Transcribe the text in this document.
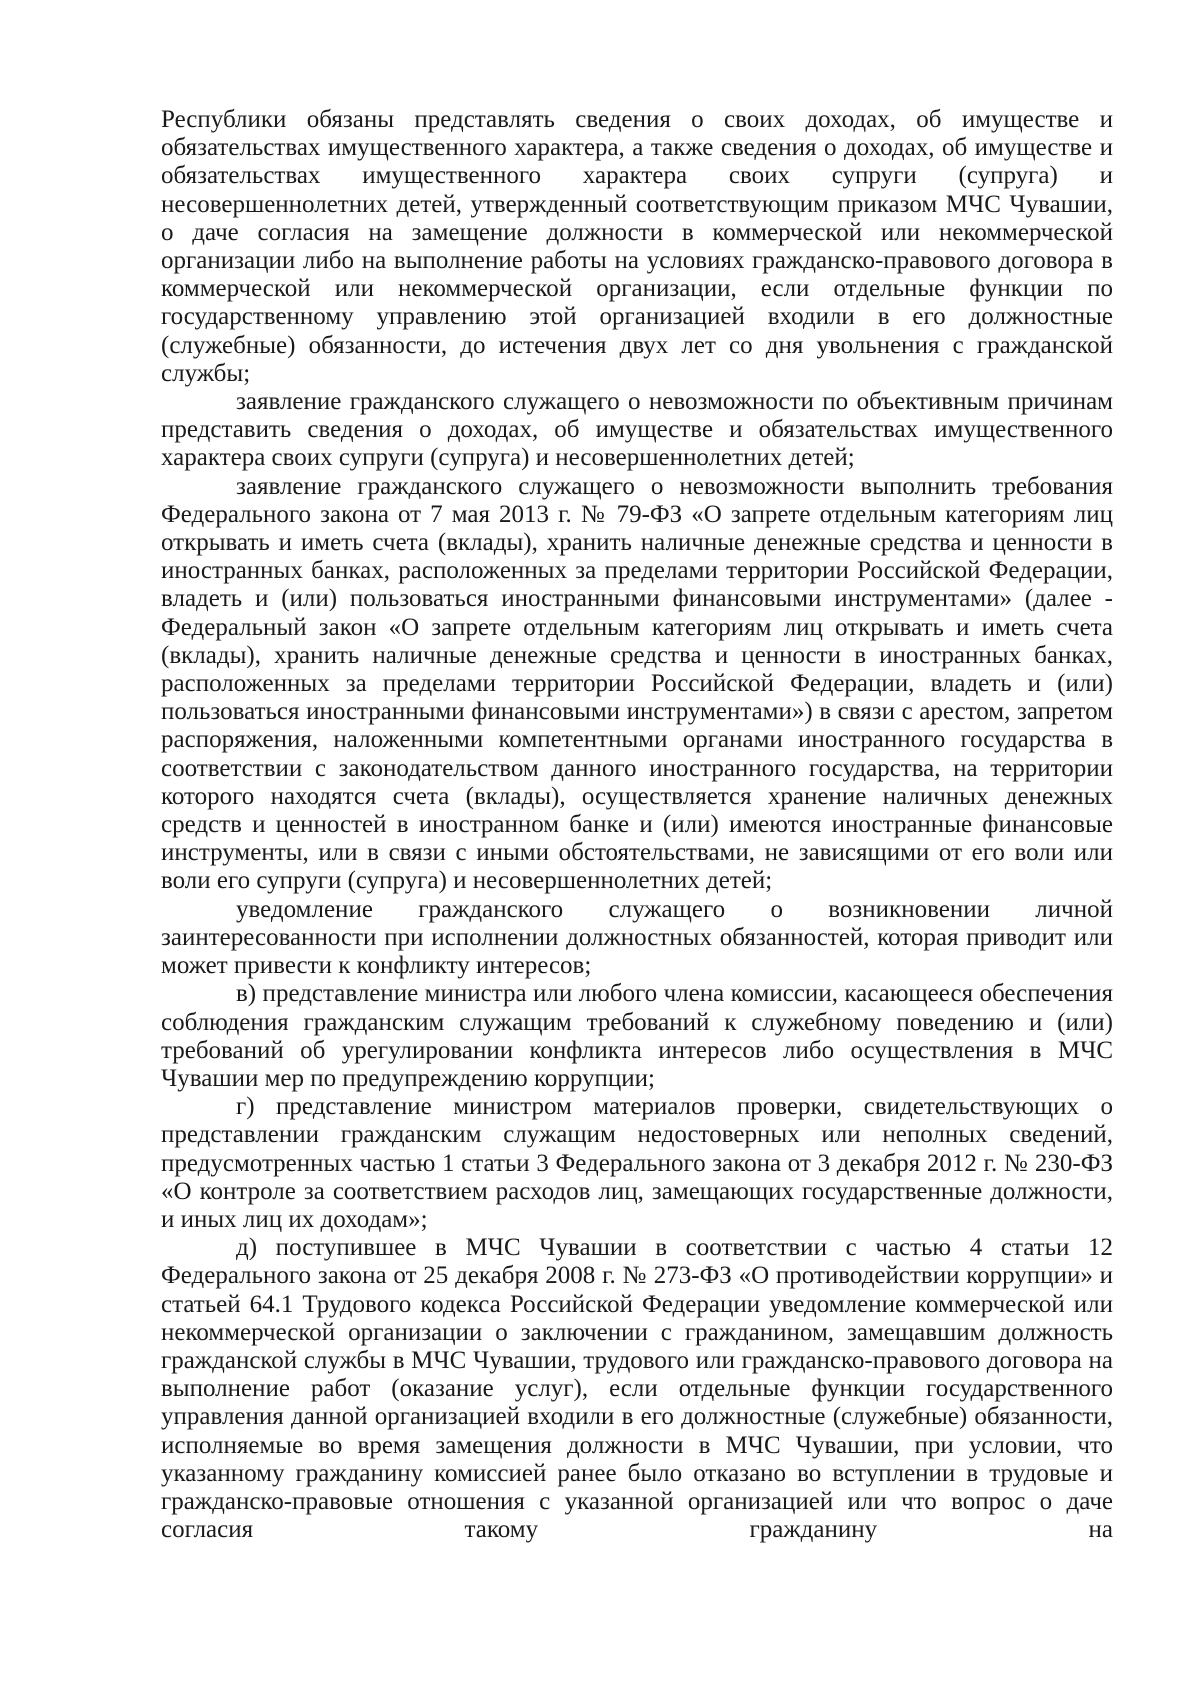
Республики обязаны представлять сведения о своих доходах, об имуществе и обязательствах имущественного характера, а также сведения о доходах, об имуществе и обязательствах имущественного характера своих супруги (супруга) и несовершеннолетних детей, утвержденный соответствующим приказом МЧС Чувашии, о даче согласия на замещение должности в коммерческой или некоммерческой организации либо на выполнение работы на условиях гражданско-правового договора в коммерческой или некоммерческой организации, если отдельные функции по государственному управлению этой организацией входили в его должностные (служебные) обязанности, до истечения двух лет со дня увольнения с гражданской службы;

заявление гражданского служащего о невозможности по объективным причинам представить сведения о доходах, об имуществе и обязательствах имущественного характера своих супруги (супруга) и несовершеннолетних детей;

заявление гражданского служащего о невозможности выполнить требования Федерального закона от 7 мая 2013 г. № 79-ФЗ «О запрете отдельным категориям лиц открывать и иметь счета (вклады), хранить наличные денежные средства и ценности в иностранных банках, расположенных за пределами территории Российской Федерации, владеть и (или) пользоваться иностранными финансовыми инструментами» (далее - Федеральный закон «О запрете отдельным категориям лиц открывать и иметь счета (вклады), хранить наличные денежные средства и ценности в иностранных банках, расположенных за пределами территории Российской Федерации, владеть и (или) пользоваться иностранными финансовыми инструментами») в связи с арестом, запретом распоряжения, наложенными компетентными органами иностранного государства в соответствии с законодательством данного иностранного государства, на территории которого находятся счета (вклады), осуществляется хранение наличных денежных средств и ценностей в иностранном банке и (или) имеются иностранные финансовые инструменты, или в связи с иными обстоятельствами, не зависящими от его воли или воли его супруги (супруга) и несовершеннолетних детей;

уведомление гражданского служащего о возникновении личной заинтересованности при исполнении должностных обязанностей, которая приводит или может привести к конфликту интересов;

в) представление министра или любого члена комиссии, касающееся обеспечения соблюдения гражданским служащим требований к служебному поведению и (или) требований об урегулировании конфликта интересов либо осуществления в МЧС Чувашии мер по предупреждению коррупции;

г) представление министром материалов проверки, свидетельствующих о представлении гражданским служащим недостоверных или неполных сведений, предусмотренных частью 1 статьи 3 Федерального закона от 3 декабря 2012 г. № 230-ФЗ «О контроле за соответствием расходов лиц, замещающих государственные должности, и иных лиц их доходам»;

д) поступившее в МЧС Чувашии в соответствии с частью 4 статьи 12 Федерального закона от 25 декабря 2008 г. № 273-ФЗ «О противодействии коррупции» и статьей 64.1 Трудового кодекса Российской Федерации уведомление коммерческой или некоммерческой организации о заключении с гражданином, замещавшим должность гражданской службы в МЧС Чувашии, трудового или гражданско-правового договора на выполнение работ (оказание услуг), если отдельные функции государственного управления данной организацией входили в его должностные (служебные) обязанности, исполняемые во время замещения должности в МЧС Чувашии, при условии, что указанному гражданину комиссией ранее было отказано во вступлении в трудовые и гражданско-правовые отношения с указанной организацией или что вопрос о даче согласия такому гражданину на
